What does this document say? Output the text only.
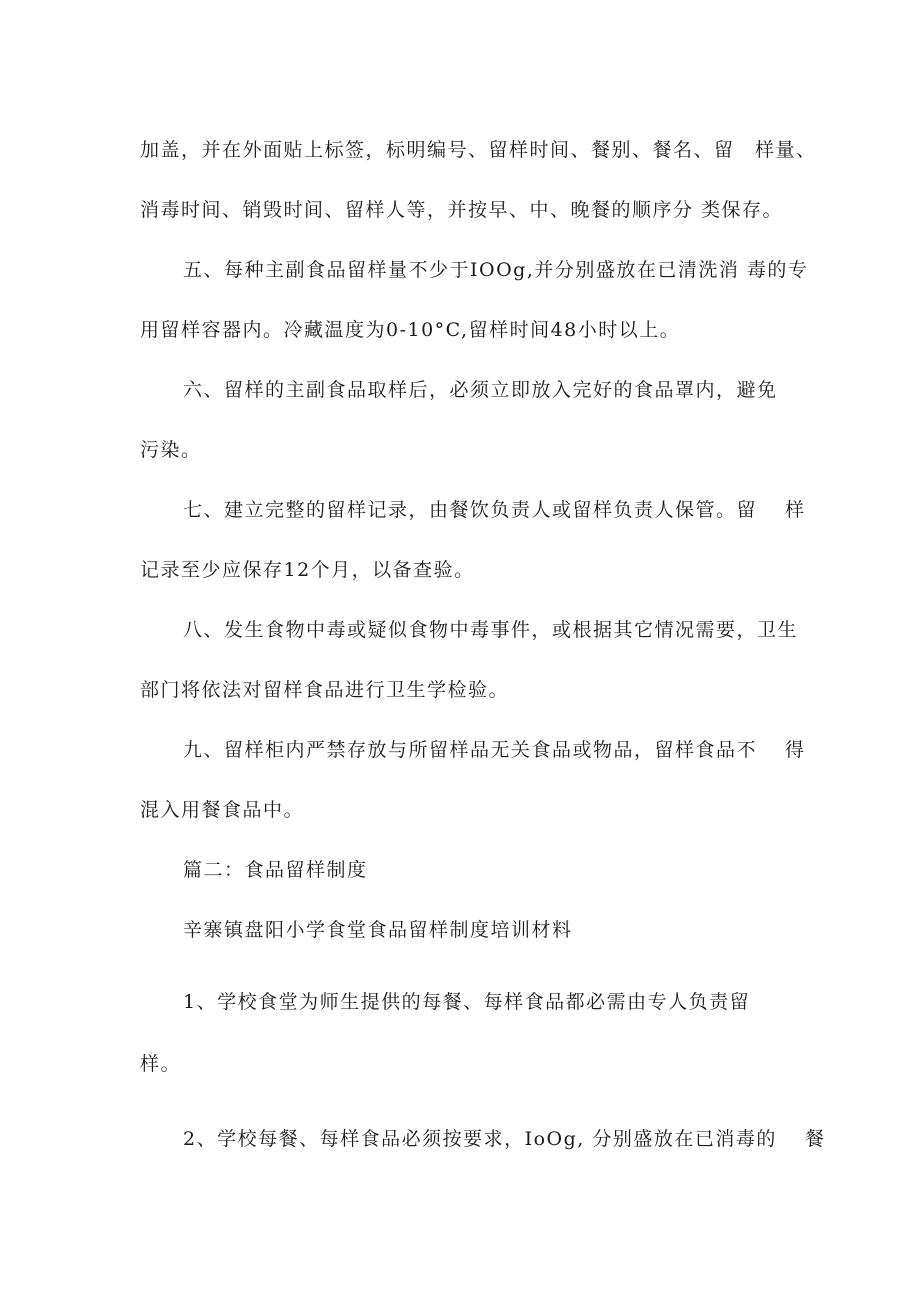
加盖，并在外面贴上标签，标明编号、留样时间、餐别、餐名、留　样量、
消毒时间、销毁时间、留样人等，并按早、中、晚餐的顺序分 类保存。
五、每种主副食品留样量不少于IOOg,并分别盛放在已清洗消 毒的专
用留样容器内。冷藏温度为0-10°C,留样时间48小时以上。
六、留样的主副食品取样后，必须立即放入完好的食品罩内，避免
污染。
七、建立完整的留样记录，由餐饮负责人或留样负责人保管。留　 样
记录至少应保存12个月，以备查验。
八、发生食物中毒或疑似食物中毒事件，或根据其它情况需要，卫生
部门将依法对留样食品进行卫生学检验。
九、留样柜内严禁存放与所留样品无关食品或物品，留样食品不　 得
混入用餐食品中。
篇二：食品留样制度
辛寨镇盘阳小学食堂食品留样制度培训材料
1、学校食堂为师生提供的每餐、每样食品都必需由专人负责留
样。
2、学校每餐、每样食品必须按要求，IoOg, 分别盛放在已消毒的　 餐
